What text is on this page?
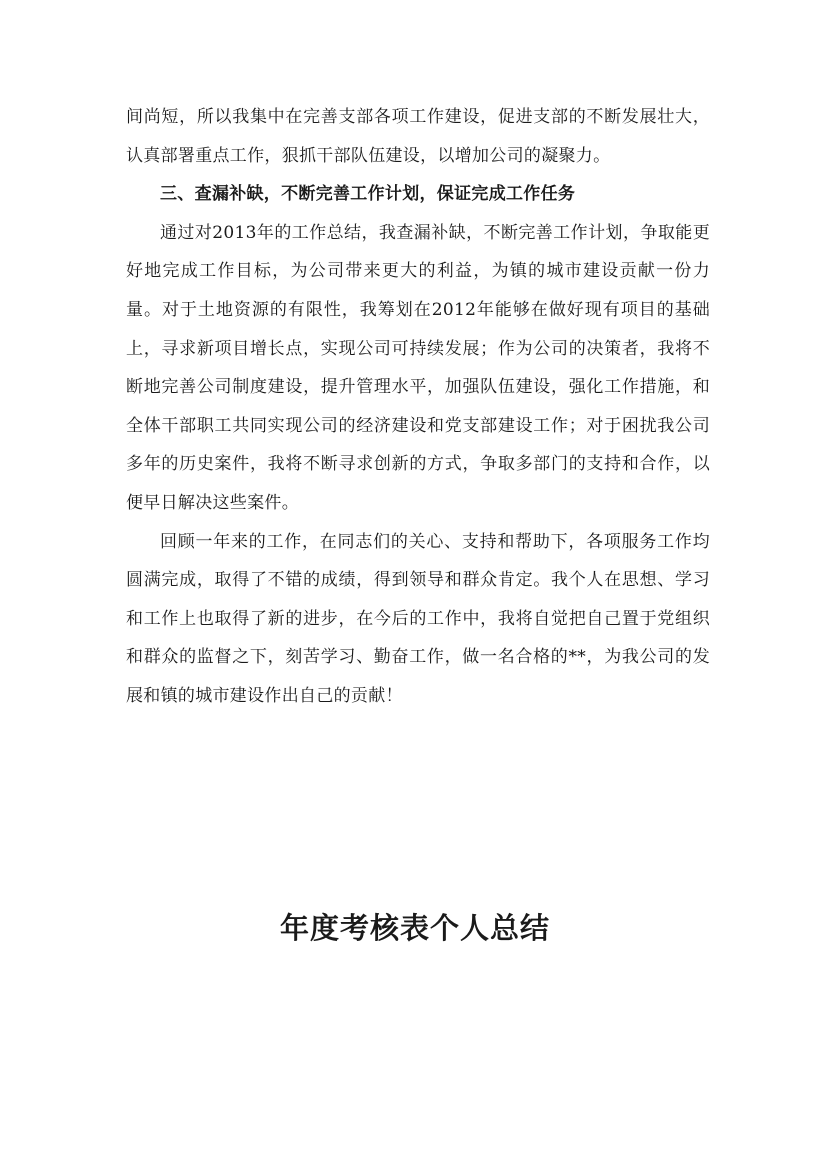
间尚短，所以我集中在完善支部各项工作建设，促进支部的不断发展壮大，认真部署重点工作，狠抓干部队伍建设，以增加公司的凝聚力。

三、查漏补缺，不断完善工作计划，保证完成工作任务

通过对2013年的工作总结，我查漏补缺，不断完善工作计划，争取能更好地完成工作目标，为公司带来更大的利益，为镇的城市建设贡献一份力量。对于土地资源的有限性，我筹划在2012年能够在做好现有项目的基础上，寻求新项目增长点，实现公司可持续发展；作为公司的决策者，我将不断地完善公司制度建设，提升管理水平，加强队伍建设，强化工作措施，和全体干部职工共同实现公司的经济建设和党支部建设工作；对于困扰我公司多年的历史案件，我将不断寻求创新的方式，争取多部门的支持和合作，以便早日解决这些案件。

回顾一年来的工作，在同志们的关心、支持和帮助下，各项服务工作均圆满完成，取得了不错的成绩，得到领导和群众肯定。我个人在思想、学习和工作上也取得了新的进步，在今后的工作中，我将自觉把自己置于党组织和群众的监督之下，刻苦学习、勤奋工作，做一名合格的**，为我公司的发展和镇的城市建设作出自己的贡献！

年度考核表个人总结
